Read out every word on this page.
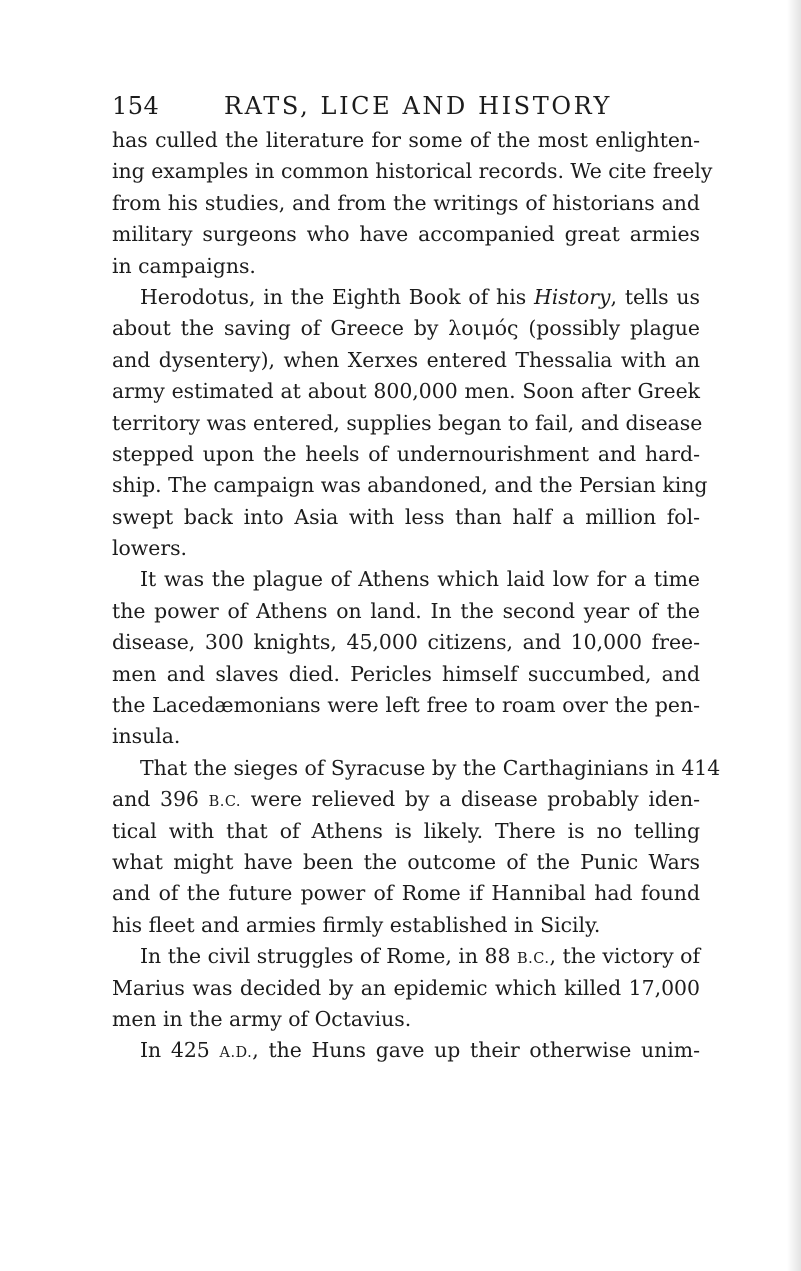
154	RATS, LICE AND HISTORY
has culled the literature for some of the most enlighten-
ing examples in common historical records. We cite freely
from his studies, and from the writings of historians and
military surgeons who have accompanied great armies
in campaigns.
Herodotus, in the Eighth Book of his History, tells us
about the saving of Greece by λοιμός (possibly plague
and dysentery), when Xerxes entered Thessalia with an
army estimated at about 800,000 men. Soon after Greek
territory was entered, supplies began to fail, and disease
stepped upon the heels of undernourishment and hard-
ship. The campaign was abandoned, and the Persian king
swept back into Asia with less than half a million fol-
lowers.
It was the plague of Athens which laid low for a time
the power of Athens on land. In the second year of the
disease, 300 knights, 45,000 citizens, and 10,000 free-
men and slaves died. Pericles himself succumbed, and
the Lacedæmonians were left free to roam over the pen-
insula.
That the sieges of Syracuse by the Carthaginians in 414
and 396 B.C. were relieved by a disease probably iden-
tical with that of Athens is likely. There is no telling
what might have been the outcome of the Punic Wars
and of the future power of Rome if Hannibal had found
his fleet and armies firmly established in Sicily.
In the civil struggles of Rome, in 88 B.C., the victory of
Marius was decided by an epidemic which killed 17,000
men in the army of Octavius.
In 425 A.D., the Huns gave up their otherwise unim-
